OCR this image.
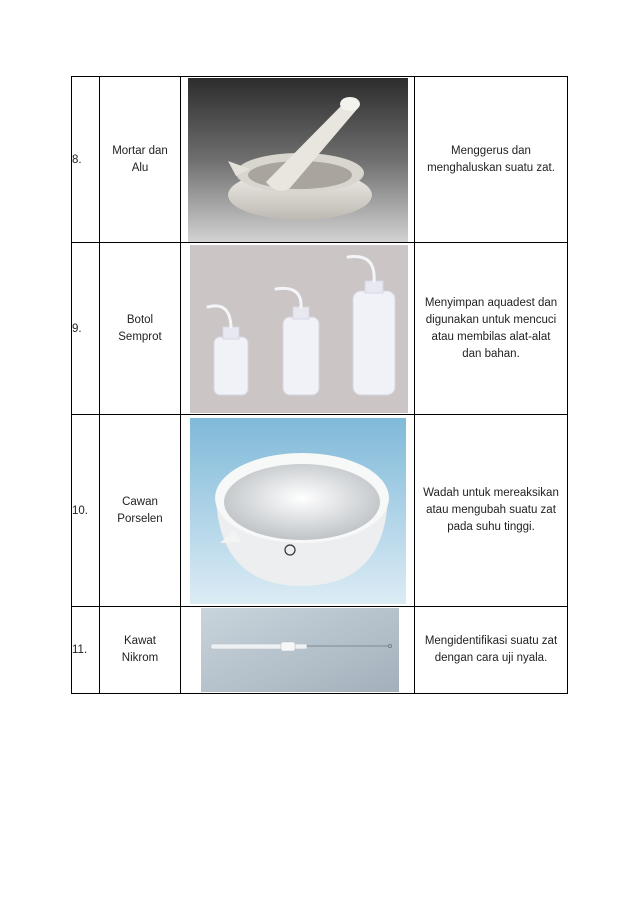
8.	Mortar dan
Alu		Menggerus dan
menghaluskan suatu zat.

9.	Botol
Semprot		Menyimpan aquadest dan
digunakan untuk mencuci
atau membilas alat-alat
dan bahan.

10.	Cawan
Porselen		Wadah untuk mereaksikan
atau mengubah suatu zat
pada suhu tinggi.

11.	Kawat
Nikrom		Mengidentifikasi suatu zat
dengan cara uji nyala.
